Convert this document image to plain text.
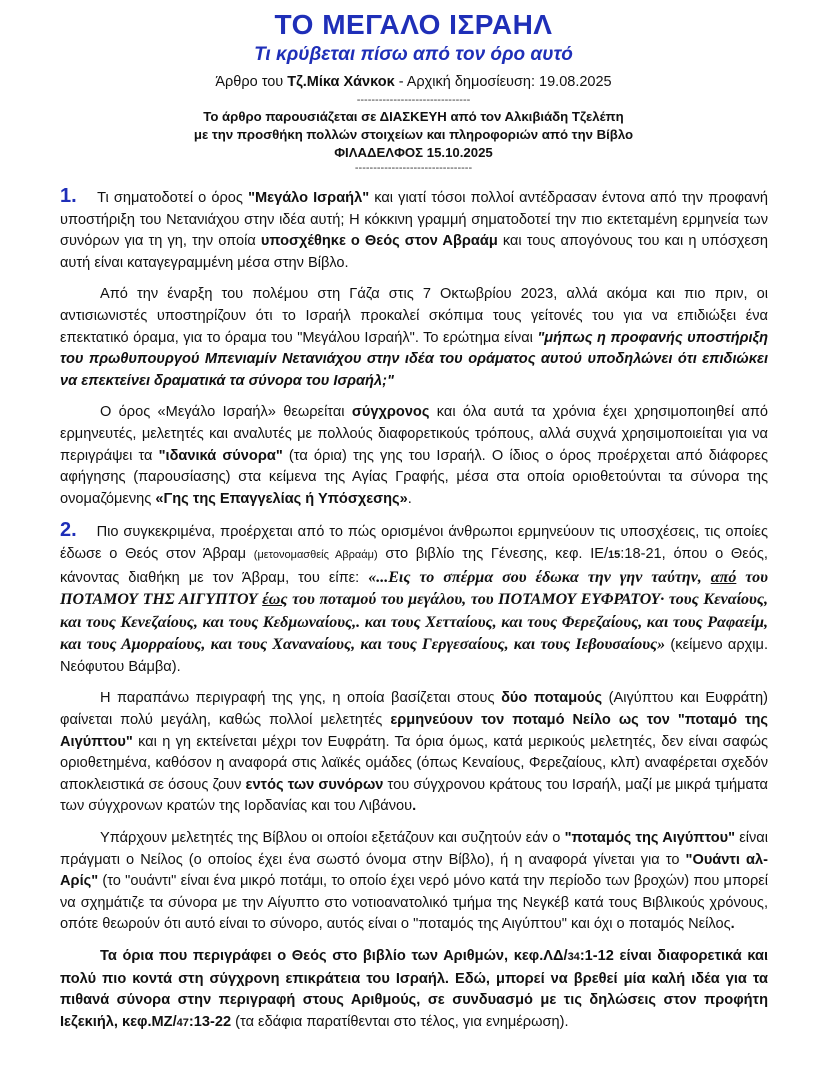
ΤΟ ΜΕΓΑΛΟ ΙΣΡΑΗΛ
Τι κρύβεται πίσω από τον όρο αυτό
Άρθρο του Τζ.Μίκα Χάνκοκ - Αρχική δημοσίευση: 19.08.2025
-------------------------------
Το άρθρο παρουσιάζεται σε ΔΙΑΣΚΕΥΗ από τον Αλκιβιάδη Τζελέπη
με την προσθήκη πολλών στοιχείων και πληροφοριών από την Βίβλο
ΦΙΛΑΔΕΛΦΟΣ 15.10.2025
--------------------------------

1. Τι σηματοδοτεί ο όρος "Μεγάλο Ισραήλ" και γιατί τόσοι πολλοί αντέδρασαν έντονα από την προφανή υποστήριξη του Νετανιάχου στην ιδέα αυτή; Η κόκκινη γραμμή σηματοδοτεί την πιο εκτεταμένη ερμηνεία των συνόρων για τη γη, την οποία υποσχέθηκε ο Θεός στον Αβραάμ και τους απογόνους του και η υπόσχεση αυτή είναι καταγεγραμμένη μέσα στην Βίβλο.

Από την έναρξη του πολέμου στη Γάζα στις 7 Οκτωβρίου 2023, αλλά ακόμα και πιο πριν, οι αντισιωνιστές υποστηρίζουν ότι το Ισραήλ προκαλεί σκόπιμα τους γείτονές του για να επιδιώξει ένα επεκτατικό όραμα, για το όραμα του "Μεγάλου Ισραήλ". Το ερώτημα είναι "μήπως η προφανής υποστήριξη του πρωθυπουργού Μπενιαμίν Νετανιάχου στην ιδέα του οράματος αυτού υποδηλώνει ότι επιδιώκει να επεκτείνει δραματικά τα σύνορα του Ισραήλ;"

Ο όρος «Μεγάλο Ισραήλ» θεωρείται σύγχρονος και όλα αυτά τα χρόνια έχει χρησιμοποιηθεί από ερμηνευτές, μελετητές και αναλυτές με πολλούς διαφορετικούς τρόπους, αλλά συχνά χρησιμοποιείται για να περιγράψει τα "ιδανικά σύνορα" (τα όρια) της γης του Ισραήλ. Ο ίδιος ο όρος προέρχεται από διάφορες αφήγησης (παρουσίασης) στα κείμενα της Αγίας Γραφής, μέσα στα οποία οριοθετούνται τα σύνορα της ονομαζόμενης «Γης της Επαγγελίας ή Υπόσχεσης».

2. Πιο συγκεκριμένα, προέρχεται από το πώς ορισμένοι άνθρωποι ερμηνεύουν τις υποσχέσεις, τις οποίες έδωσε ο Θεός στον Άβραμ (μετονομασθείς Αβραάμ) στο βιβλίο της Γένεσης, κεφ. ΙΕ/15:18-21, όπου ο Θεός, κάνοντας διαθήκη με τον Άβραμ, του είπε: «...Εις το σπέρμα σου έδωκα την γην ταύτην, από του ΠΟΤΑΜΟΥ ΤΗΣ ΑΙΓΥΠΤΟΥ έως του ποταμού του μεγάλου, του ΠΟΤΑΜΟΥ ΕΥΦΡΑΤΟΥ· τους Κεναίους, και τους Κενεζαίους, και τους Κεδμωναίους,. και τους Χετταίους, και τους Φερεζαίους, και τους Ραφαείμ, και τους Αμορραίους, και τους Χαναναίους, και τους Γεργεσαίους, και τους Ιεβουσαίους» (κείμενο αρχιμ. Νεόφυτου Βάμβα).

Η παραπάνω περιγραφή της γης, η οποία βασίζεται στους δύο ποταμούς (Αιγύπτου και Ευφράτη) φαίνεται πολύ μεγάλη, καθώς πολλοί μελετητές ερμηνεύουν τον ποταμό Νείλο ως τον "ποταμό της Αιγύπτου" και η γη εκτείνεται μέχρι τον Ευφράτη. Τα όρια όμως, κατά μερικούς μελετητές, δεν είναι σαφώς οριοθετημένα, καθόσον η αναφορά στις λαϊκές ομάδες (όπως Κεναίους, Φερεζαίους, κλπ) αναφέρεται σχεδόν αποκλειστικά σε όσους ζουν εντός των συνόρων του σύγχρονου κράτους του Ισραήλ, μαζί με μικρά τμήματα των σύγχρονων κρατών της Ιορδανίας και του Λιβάνου.

Υπάρχουν μελετητές της Βίβλου οι οποίοι εξετάζουν και συζητούν εάν ο "ποταμός της Αιγύπτου" είναι πράγματι ο Νείλος (ο οποίος έχει ένα σωστό όνομα στην Βίβλο), ή η αναφορά γίνεται για το "Ουάντι αλ-Αρίς" (το "ουάντι" είναι ένα μικρό ποτάμι, το οποίο έχει νερό μόνο κατά την περίοδο των βροχών) που μπορεί να σχημάτιζε τα σύνορα με την Αίγυπτο στο νοτιοανατολικό τμήμα της Νεγκέβ κατά τους Βιβλικούς χρόνους, οπότε θεωρούν ότι αυτό είναι το σύνορο, αυτός είναι ο "ποταμός της Αιγύπτου" και όχι ο ποταμός Νείλος.

Τα όρια που περιγράφει ο Θεός στο βιβλίο των Αριθμών, κεφ.ΛΔ/34:1-12 είναι διαφορετικά και πολύ πιο κοντά στη σύγχρονη επικράτεια του Ισραήλ. Εδώ, μπορεί να βρεθεί μία καλή ιδέα για τα πιθανά σύνορα στην περιγραφή στους Αριθμούς, σε συνδυασμό με τις δηλώσεις στον προφήτη Ιεζεκιήλ, κεφ.ΜΖ/47:13-22 (τα εδάφια παρατίθενται στο τέλος, για ενημέρωση).
